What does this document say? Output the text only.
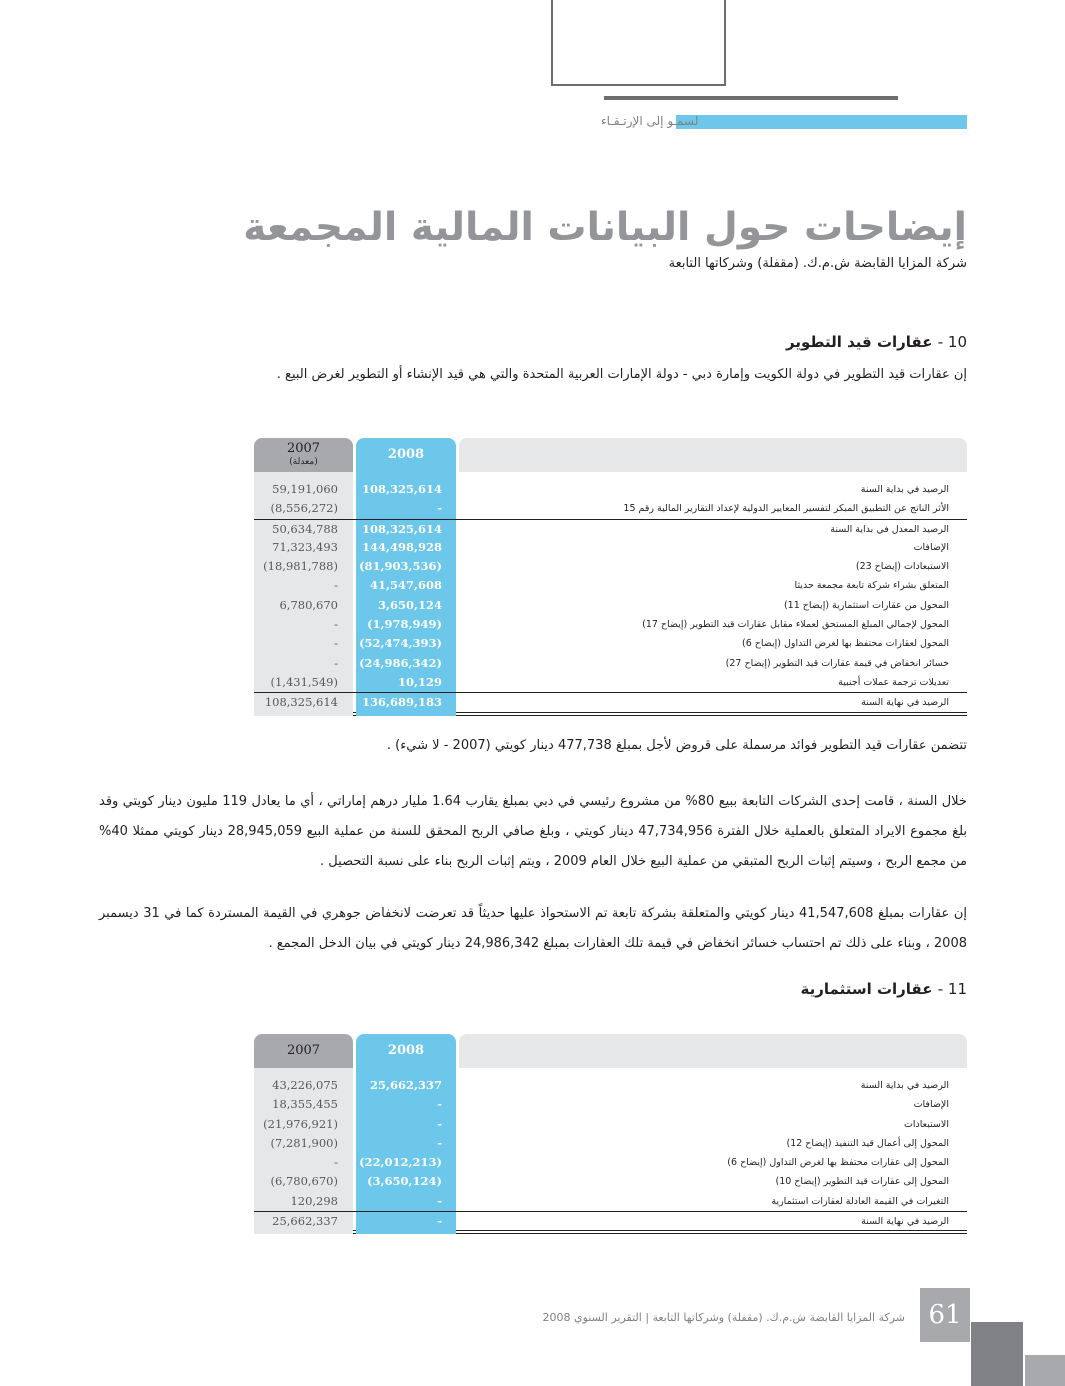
لسمـو إلى الإرتـقـاء
إيضاحات حول البيانات المالية المجمعة
شركة المزايا القابضة ش.م.ك. (مقفلة) وشركاتها التابعة
10 - عقارات قيد التطوير
إن عقارات قيد التطوير في دولة الكويت وإمارة دبي - دولة الإمارات العربية المتحدة والتي هي قيد الإنشاء أو التطوير لغرض البيع .
2007
(معدلة)	2008
59,191,060	108,325,614	الرصيد في بداية السنة
(8,556,272)	-	الأثر الناتج عن التطبيق المبكر لتفسير المعايير الدولية لإعداد التقارير المالية رقم 15
50,634,788	108,325,614	الرصيد المعدل في بداية السنة
71,323,493	144,498,928	الإضافات
(18,981,788) (81,903,536)	الاستبعادات (إيضاح 23)
-	41,547,608	المتعلق بشراء شركة تابعة مجمعة حديثا
6,780,670	3,650,124	المحول من عقارات استثمارية (إيضاح 11)
-	(1,978,949)	المحول لإجمالي المبلغ المستحق لعملاء مقابل عقارات قيد التطوير (إيضاح 17)
- (52,474,393)	المحول لعقارات محتفظ بها لغرض التداول (إيضاح 6)
- (24,986,342)	خسائر انخفاض في قيمة عقارات قيد التطوير (إيضاح 27)
(1,431,549)	10,129	تعديلات ترجمة عملات أجنبية
108,325,614	136,689,183	الرصيد في نهاية السنة
تتضمن عقارات قيد التطوير فوائد مرسملة على قروض لأجل بمبلغ 477,738 دينار كويتي (2007 - لا شيء) .
خلال السنة ، قامت إحدى الشركات التابعة ببيع 80% من مشروع رئيسي في دبي بمبلغ يقارب 1.64 مليار درهم إماراتي ، أي ما يعادل 119 مليون دينار كويتي وقد بلغ مجموع الايراد المتعلق بالعملية خلال الفترة 47,734,956 دينار كويتي ، وبلغ صافي الربح المحقق للسنة من عملية البيع 28,945,059 دينار كويتي ممثلا 40% من مجمع الربح ، وسيتم إثبات الربح المتبقي من عملية البيع خلال العام 2009 ، ويتم إثبات الربح بناء على نسبة التحصيل .
إن عقارات بمبلغ 41,547,608 دينار كويتي والمتعلقة بشركة تابعة تم الاستحواذ عليها حديثاً قد تعرضت لانخفاض جوهري في القيمة المستردة كما في 31 ديسمبر 2008 ، وبناء على ذلك تم احتساب خسائر انخفاض في قيمة تلك العقارات بمبلغ 24,986,342 دينار كويتي في بيان الدخل المجمع .
11 - عقارات استثمارية
2007	2008
43,226,075	25,662,337	الرصيد في بداية السنة
18,355,455	-	الإضافات
(21,976,921)	-	الاستبعادات
(7,281,900)	-	المحول إلى أعمال قيد التنفيذ (إيضاح 12)
- (22,012,213)	المحول إلى عقارات محتفظ بها لغرض التداول (إيضاح 6)
(6,780,670)	(3,650,124)	المحول إلى عقارات قيد التطوير (إيضاح 10)
120,298	-	التغيرات في القيمة العادلة لعقارات استثمارية
25,662,337	-	الرصيد في نهاية السنة
شركة المزايا القابضة ش.م.ك. (مقفلة) وشركاتها التابعة | التقرير السنوي 2008 61
